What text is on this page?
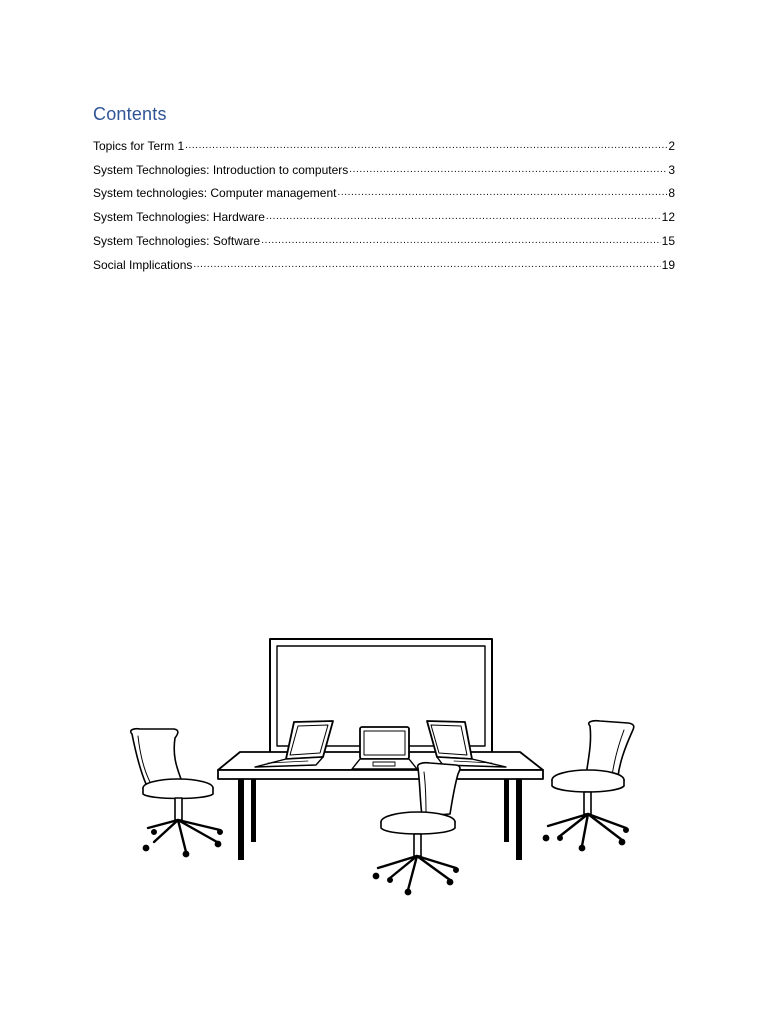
Contents
Topics for Term 1 .....	2
System Technologies: Introduction to computers .....	3
System technologies: Computer management .....	8
System Technologies: Hardware .....	12
System Technologies: Software .....	15
Social Implications .....	19
